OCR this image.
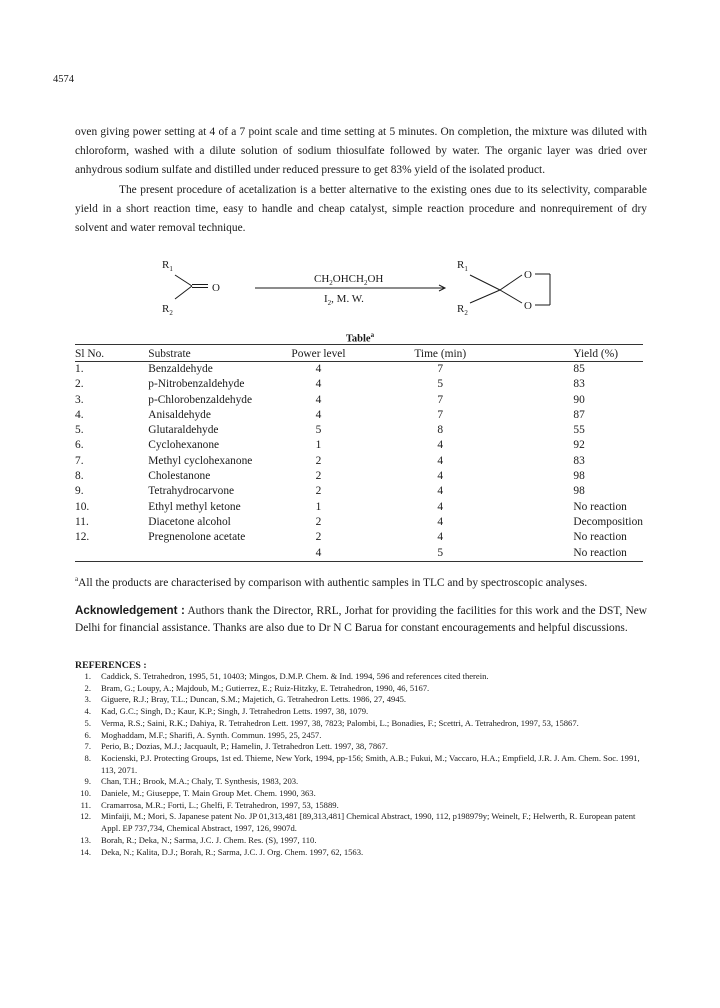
4574

oven giving power setting at 4 of a 7 point scale and time setting at 5 minutes. On completion, the mixture was diluted with chloroform, washed with a dilute solution of sodium thiosulfate followed by water. The organic layer was dried over anhydrous sodium sulfate and distilled under reduced pressure to get 83% yield of the isolated product.

The present procedure of acetalization is a better alternative to the existing ones due to its selectivity, comparable yield in a short reaction time, easy to handle and cheap catalyst, simple reaction procedure and nonrequirement of dry solvent and water removal technique.

$R_1$
$R_2$
O
$CH_2OHCH_2OH$
$I_2$, M. W.
$R_1$
$R_2$
O
O
Table$^a$
Sl No.	Substrate	Power level	Time (min)	Yield (%)
1.	Benzaldehyde	4	7	85
2.	p-Nitrobenzaldehyde	4	5	83
3.	p-Chlorobenzaldehyde	4	7	90
4.	Anisaldehyde	4	7	87
5.	Glutaraldehyde	5	8	55
6.	Cyclohexanone	1	4	92
7.	Methyl cyclohexanone	2	4	83
8.	Cholestanone	2	4	98
9.	Tetrahydrocarvone	2	4	98
10.	Ethyl methyl ketone	1	4	No reaction
11.	Diacetone alcohol	2	4	Decomposition
12.	Pregnenolone acetate	2	4	No reaction
		4	5	No reaction
$^a$All the products are characterised by comparison with authentic samples in TLC and by spectroscopic analyses.
Acknowledgement : Authors thank the Director, RRL, Jorhat for providing the facilities for this work and the DST, New Delhi for financial assistance. Thanks are also due to Dr N C Barua for constant encouragements and helpful discussions.
REFERENCES :
1. Caddick, S. Tetrahedron, 1995, 51, 10403; Mingos, D.M.P. Chem. & Ind. 1994, 596 and references cited therein.
2. Bram, G.; Loupy, A.; Majdoub, M.; Gutierrez, E.; Ruiz-Hitzky, E. Tetrahedron, 1990, 46, 5167.
3. Giguere, R.J.; Bray, T.L.; Duncan, S.M.; Majetich, G. Tetrahedron Letts. 1986, 27, 4945.
4. Kad, G.C.; Singh, D.; Kaur, K.P.; Singh, J. Tetrahedron Letts. 1997, 38, 1079.
5. Verma, R.S.; Saini, R.K.; Dahiya, R. Tetrahedron Lett. 1997, 38, 7823; Palombi, L.; Bonadies, F.; Scettri, A. Tetrahedron, 1997, 53, 15867.
6. Moghaddam, M.F.; Sharifi, A. Synth. Commun. 1995, 25, 2457.
7. Perio, B.; Dozias, M.J.; Jacquault, P.; Hamelin, J. Tetrahedron Lett. 1997, 38, 7867.
8. Kocienski, P.J. Protecting Groups, 1st ed. Thieme, New York, 1994, pp-156; Smith, A.B.; Fukui, M.; Vaccaro, H.A.; Empfield, J.R. J. Am. Chem. Soc. 1991, 113, 2071.
9. Chan, T.H.; Brook, M.A.; Chaly, T. Synthesis, 1983, 203.
10. Daniele, M.; Giuseppe, T. Main Group Met. Chem. 1990, 363.
11. Cramarrosa, M.R.; Forti, L.; Ghelfi, F. Tetrahedron, 1997, 53, 15889.
12. Minfaiji, M.; Mori, S. Japanese patent No. JP 01,313,481 [89,313,481] Chemical Abstract, 1990, 112, p198979y; Weinelt, F.; Helwerth, R. European patent Appl. EP 737,734, Chemical Abstract, 1997, 126, 9907d.
13. Borah, R.; Deka, N.; Sarma, J.C. J. Chem. Res. (S), 1997, 110.
14. Deka, N.; Kalita, D.J.; Borah, R.; Sarma, J.C. J. Org. Chem. 1997, 62, 1563.
